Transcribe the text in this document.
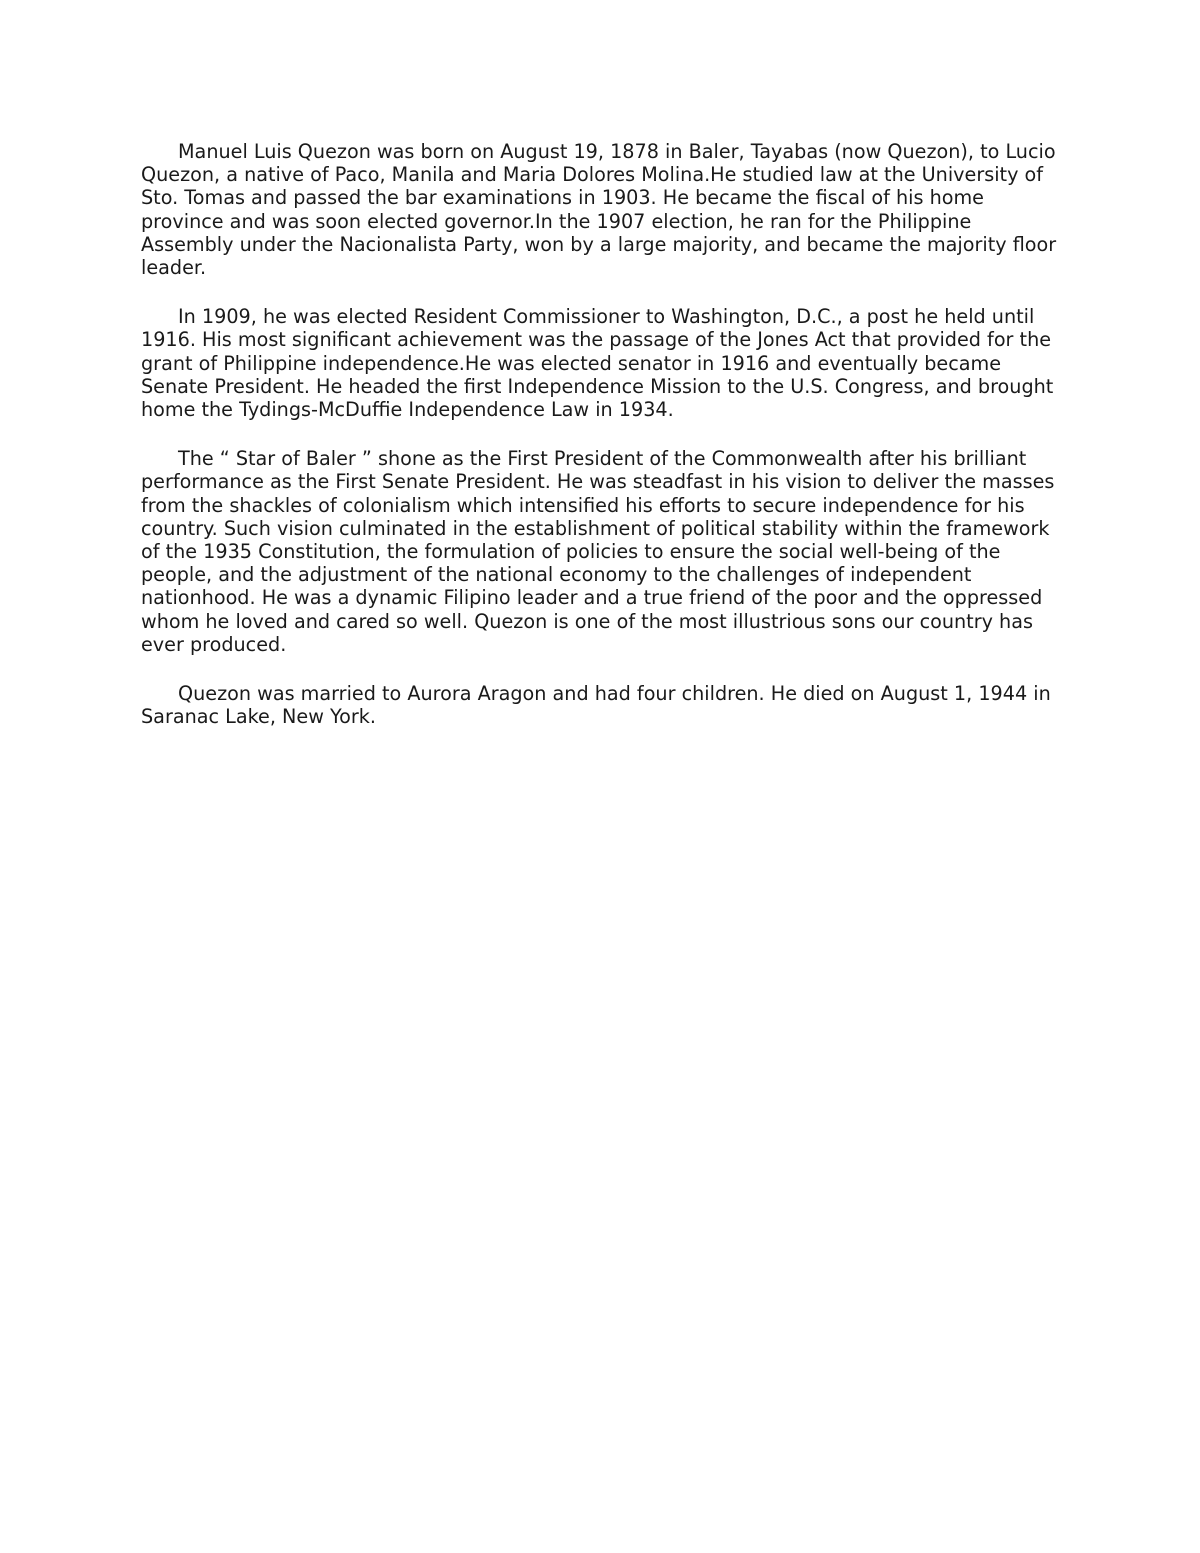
Manuel Luis Quezon was born on August 19, 1878 in Baler, Tayabas (now Quezon), to Lucio Quezon, a native of Paco, Manila and Maria Dolores Molina.He studied law at the University of Sto. Tomas and passed the bar examinations in 1903. He became the fiscal of his home province and was soon elected governor.In the 1907 election, he ran for the Philippine Assembly under the Nacionalista Party, won by a large majority, and became the majority floor leader.

In 1909, he was elected Resident Commissioner to Washington, D.C., a post he held until 1916. His most significant achievement was the passage of the Jones Act that provided for the grant of Philippine independence.He was elected senator in 1916 and eventually became Senate President. He headed the first Independence Mission to the U.S. Congress, and brought home the Tydings-McDuffie Independence Law in 1934.

The “ Star of Baler ” shone as the First President of the Commonwealth after his brilliant performance as the First Senate President. He was steadfast in his vision to deliver the masses from the shackles of colonialism which intensified his efforts to secure independence for his country. Such vision culminated in the establishment of political stability within the framework of the 1935 Constitution, the formulation of policies to ensure the social well-being of the people, and the adjustment of the national economy to the challenges of independent nationhood. He was a dynamic Filipino leader and a true friend of the poor and the oppressed whom he loved and cared so well. Quezon is one of the most illustrious sons our country has ever produced.

Quezon was married to Aurora Aragon and had four children. He died on August 1, 1944 in Saranac Lake, New York.
